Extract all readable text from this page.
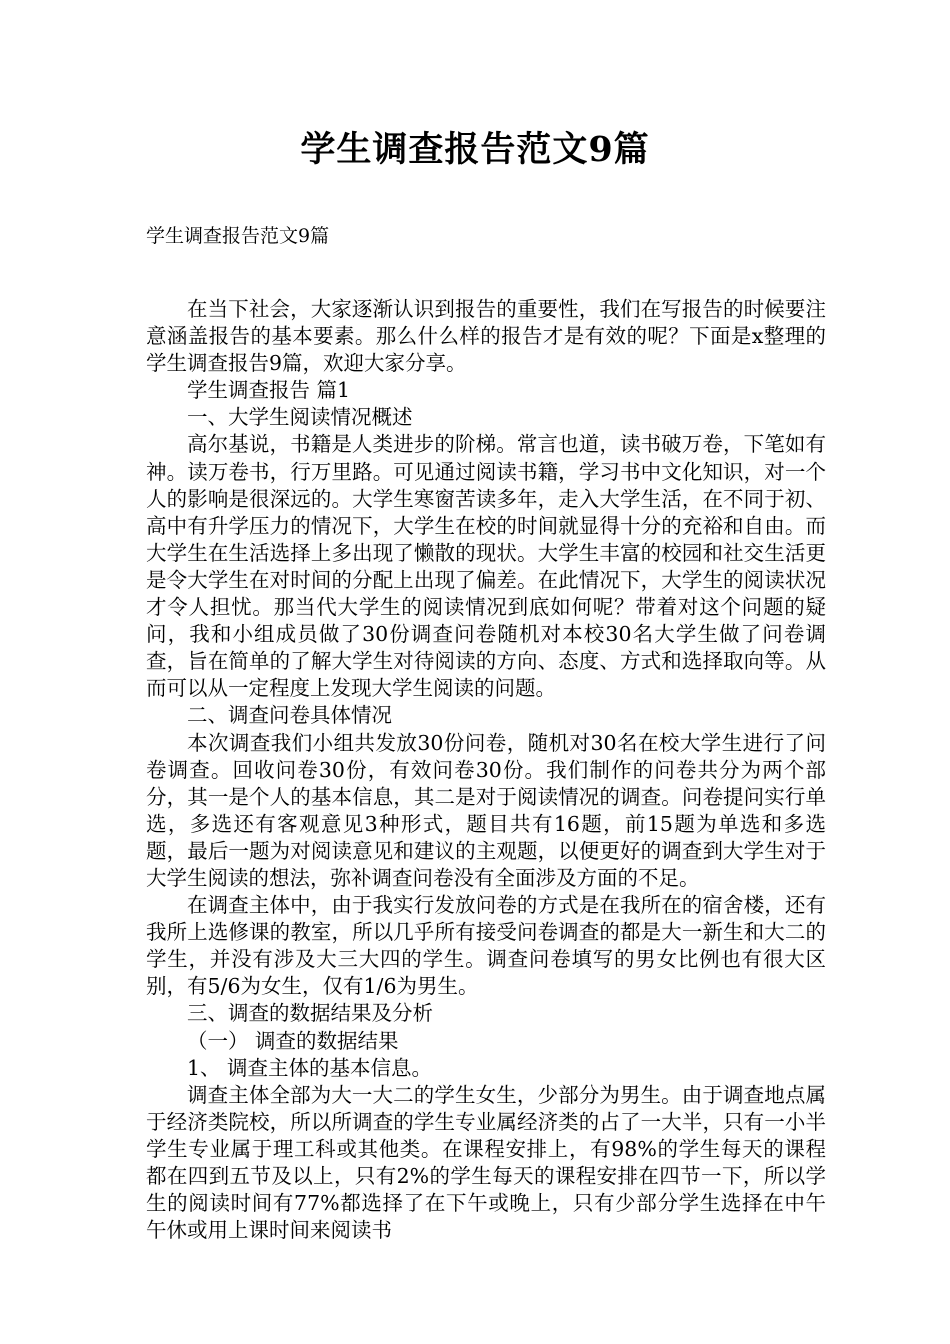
学生调查报告范文9篇
学生调查报告范文9篇

在当下社会，大家逐渐认识到报告的重要性，我们在写报告的时候要注意涵盖报告的基本要素。那么什么样的报告才是有效的呢？下面是x整理的学生调查报告9篇，欢迎大家分享。

学生调查报告 篇1

一、大学生阅读情况概述

高尔基说，书籍是人类进步的阶梯。常言也道，读书破万卷，下笔如有神。读万卷书，行万里路。可见通过阅读书籍，学习书中文化知识，对一个人的影响是很深远的。大学生寒窗苦读多年，走入大学生活，在不同于初、高中有升学压力的情况下，大学生在校的时间就显得十分的充裕和自由。而大学生在生活选择上多出现了懒散的现状。大学生丰富的校园和社交生活更是令大学生在对时间的分配上出现了偏差。在此情况下，大学生的阅读状况才令人担忧。那当代大学生的阅读情况到底如何呢？带着对这个问题的疑问，我和小组成员做了30份调查问卷随机对本校30名大学生做了问卷调查，旨在简单的了解大学生对待阅读的方向、态度、方式和选择取向等。从而可以从一定程度上发现大学生阅读的问题。

二、调查问卷具体情况

本次调查我们小组共发放30份问卷，随机对30名在校大学生进行了问卷调查。回收问卷30份，有效问卷30份。我们制作的问卷共分为两个部分，其一是个人的基本信息，其二是对于阅读情况的调查。问卷提问实行单选，多选还有客观意见3种形式，题目共有16题，前15题为单选和多选题，最后一题为对阅读意见和建议的主观题，以便更好的调查到大学生对于大学生阅读的想法，弥补调查问卷没有全面涉及方面的不足。

在调查主体中，由于我实行发放问卷的方式是在我所在的宿舍楼，还有我所上选修课的教室，所以几乎所有接受问卷调查的都是大一新生和大二的学生，并没有涉及大三大四的学生。调查问卷填写的男女比例也有很大区别，有5/6为女生，仅有1/6为男生。

三、调查的数据结果及分析

（一） 调查的数据结果

1、 调查主体的基本信息。

调查主体全部为大一大二的学生女生，少部分为男生。由于调查地点属于经济类院校，所以所调查的学生专业属经济类的占了一大半，只有一小半学生专业属于理工科或其他类。在课程安排上，有98%的学生每天的课程都在四到五节及以上，只有2%的学生每天的课程安排在四节一下，所以学生的阅读时间有77%都选择了在下午或晚上，只有少部分学生选择在中午午休或用上课时间来阅读书
